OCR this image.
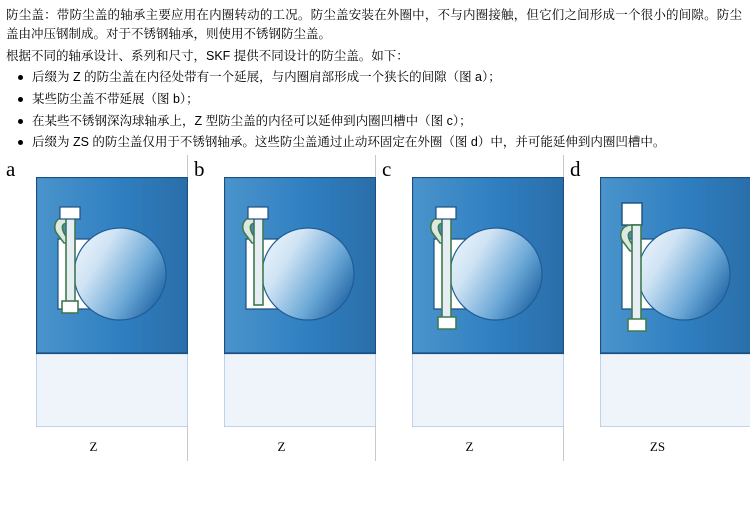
防尘盖：带防尘盖的轴承主要应用在内圈转动的工况。防尘盖安装在外圈中，不与内圈接触，但它们之间形成一个很小的间隙。防尘盖由冲压钢制成。对于不锈钢轴承，则使用不锈钢防尘盖。

根据不同的轴承设计、系列和尺寸，SKF 提供不同设计的防尘盖。如下：

后缀为 Z 的防尘盖在内径处带有一个延展，与内圈肩部形成一个狭长的间隙（图 a）；
某些防尘盖不带延展（图 b）；
在某些不锈钢深沟球轴承上，Z 型防尘盖的内径可以延伸到内圈凹槽中（图 c）；
后缀为 ZS 的防尘盖仅用于不锈钢轴承。这些防尘盖通过止动环固定在外圈（图 d）中，并可能延伸到内圈凹槽中。
a
Z
b
Z
c
Z
d
ZS
